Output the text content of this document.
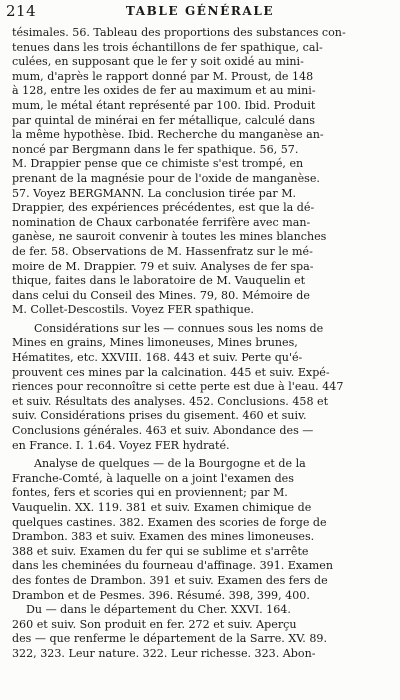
214	TABLE GÉNÉRALE
tésimales. 56. Tableau des proportions des substances con-
tenues dans les trois échantillons de fer spathique, cal-
culées, en supposant que le fer y soit oxidé au mini-
mum, d'après le rapport donné par M. Proust, de 148
à 128, entre les oxides de fer au maximum et au mini-
mum, le métal étant représenté par 100. Ibid. Produit
par quintal de minérai en fer métallique, calculé dans
la même hypothèse. Ibid. Recherche du manganèse an-
noncé par Bergmann dans le fer spathique. 56, 57.
M. Drappier pense que ce chimiste s'est trompé, en
prenant de la magnésie pour de l'oxide de manganèse.
57. Voyez BERGMANN. La conclusion tirée par M.
Drappier, des expériences précédentes, est que la dé-
nomination de Chaux carbonatée ferrifère avec man-
ganèse, ne sauroit convenir à toutes les mines blanches
de fer. 58. Observations de M. Hassenfratz sur le mé-
moire de M. Drappier. 79 et suiv. Analyses de fer spa-
thique, faites dans le laboratoire de M. Vauquelin et
dans celui du Conseil des Mines. 79, 80. Mémoire de
M. Collet-Descostils. Voyez FER spathique.
Considérations sur les — connues sous les noms de
Mines en grains, Mines limoneuses, Mines brunes,
Hématites, etc. XXVIII. 168. 443 et suiv. Perte qu'é-
prouvent ces mines par la calcination. 445 et suiv. Expé-
riences pour reconnoître si cette perte est due à l'eau. 447
et suiv. Résultats des analyses. 452. Conclusions. 458 et
suiv. Considérations prises du gisement. 460 et suiv.
Conclusions générales. 463 et suiv. Abondance des —
en France. I. 1.64. Voyez FER hydraté.
Analyse de quelques — de la Bourgogne et de la
Franche-Comté, à laquelle on a joint l'examen des
fontes, fers et scories qui en proviennent; par M.
Vauquelin. XX. 119. 381 et suiv. Examen chimique de
quelques castines. 382. Examen des scories de forge de
Drambon. 383 et suiv. Examen des mines limoneuses.
388 et suiv. Examen du fer qui se sublime et s'arrête
dans les cheminées du fourneau d'affinage. 391. Examen
des fontes de Drambon. 391 et suiv. Examen des fers de
Drambon et de Pesmes. 396. Résumé. 398, 399, 400.
Du — dans le département du Cher. XXVI. 164.
260 et suiv. Son produit en fer. 272 et suiv. Aperçu
des — que renferme le département de la Sarre. XV. 89.
322, 323. Leur nature. 322. Leur richesse. 323. Abon-
